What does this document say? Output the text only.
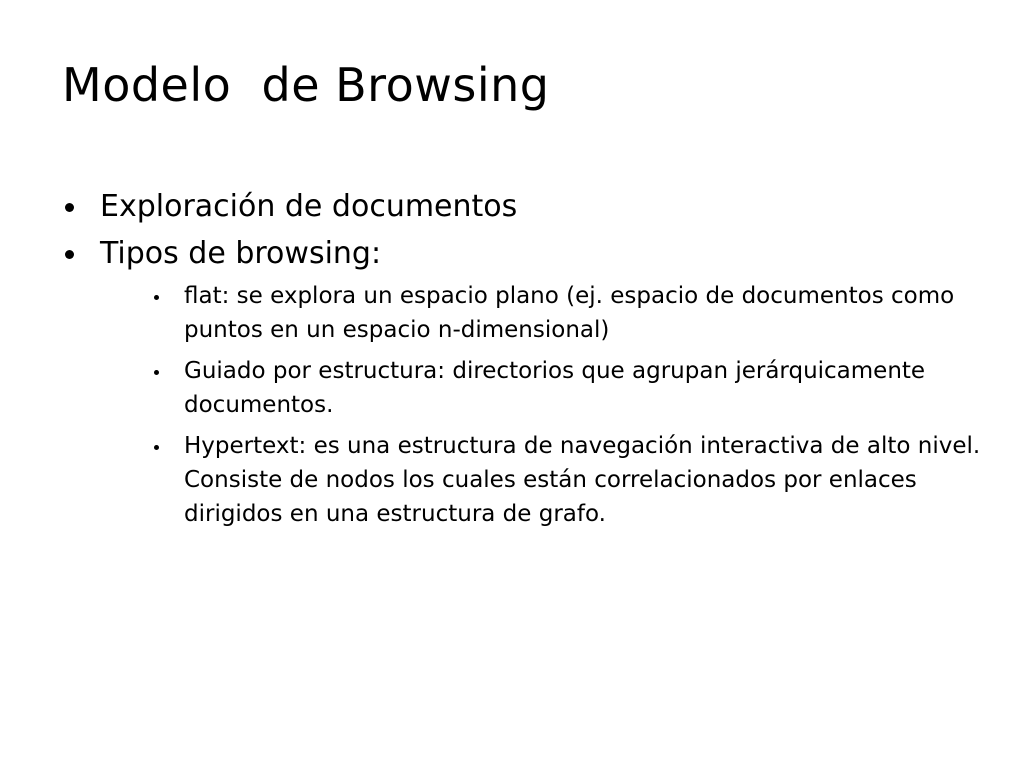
Modelo  de Browsing
Exploración de documentos
Tipos de browsing:
flat: se explora un espacio plano (ej. espacio de documentos como puntos en un espacio n-dimensional)
Guiado por estructura: directorios que agrupan jerárquicamente documentos.
Hypertext: es una estructura de navegación interactiva de alto nivel. Consiste de nodos los cuales están correlacionados por enlaces dirigidos en una estructura de grafo.
